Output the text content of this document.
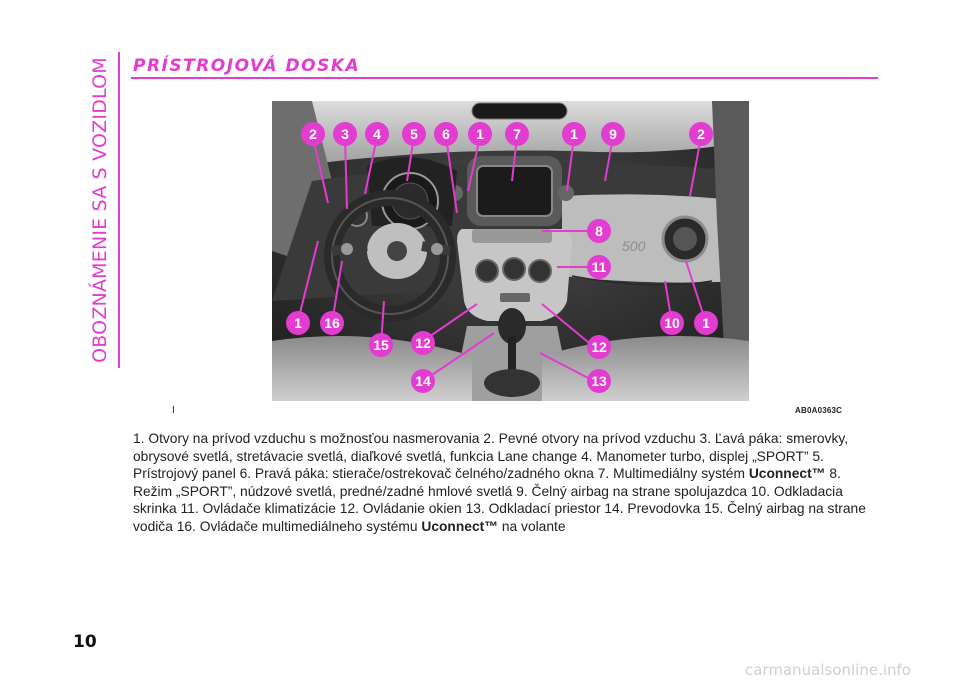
OBOZNÁMENIE SA S VOZIDLOM PRÍSTROJOVÁ DOSKA
500
2 3 4 5 6 1 7	1 9	2
8
11
1 16
15 12	12
10 1
14	13
I	AB0A0363C

1. Otvory na prívod vzduchu s možnosťou nasmerovania 2. Pevné otvory na prívod vzduchu 3. Ľavá páka: smerovky, obrysové svetlá, stretávacie svetlá, diaľkové svetlá, funkcia Lane change 4. Manometer turbo, displej „SPORT” 5. Prístrojový panel 6. Pravá páka: stierače/ostrekovač čelného/zadného okna 7. Multimediálny systém Uconnect™ 8. Režim „SPORT”, núdzové svetlá, predné/zadné hmlové svetlá 9. Čelný airbag na strane spolujazdca 10. Odkladacia skrinka 11. Ovládače klimatizácie 12. Ovládanie okien 13. Odkladací priestor 14. Prevodovka 15. Čelný airbag na strane vodiča 16. Ovládače multimediálneho systému Uconnect™ na volante

10
carmanualsonline.info
